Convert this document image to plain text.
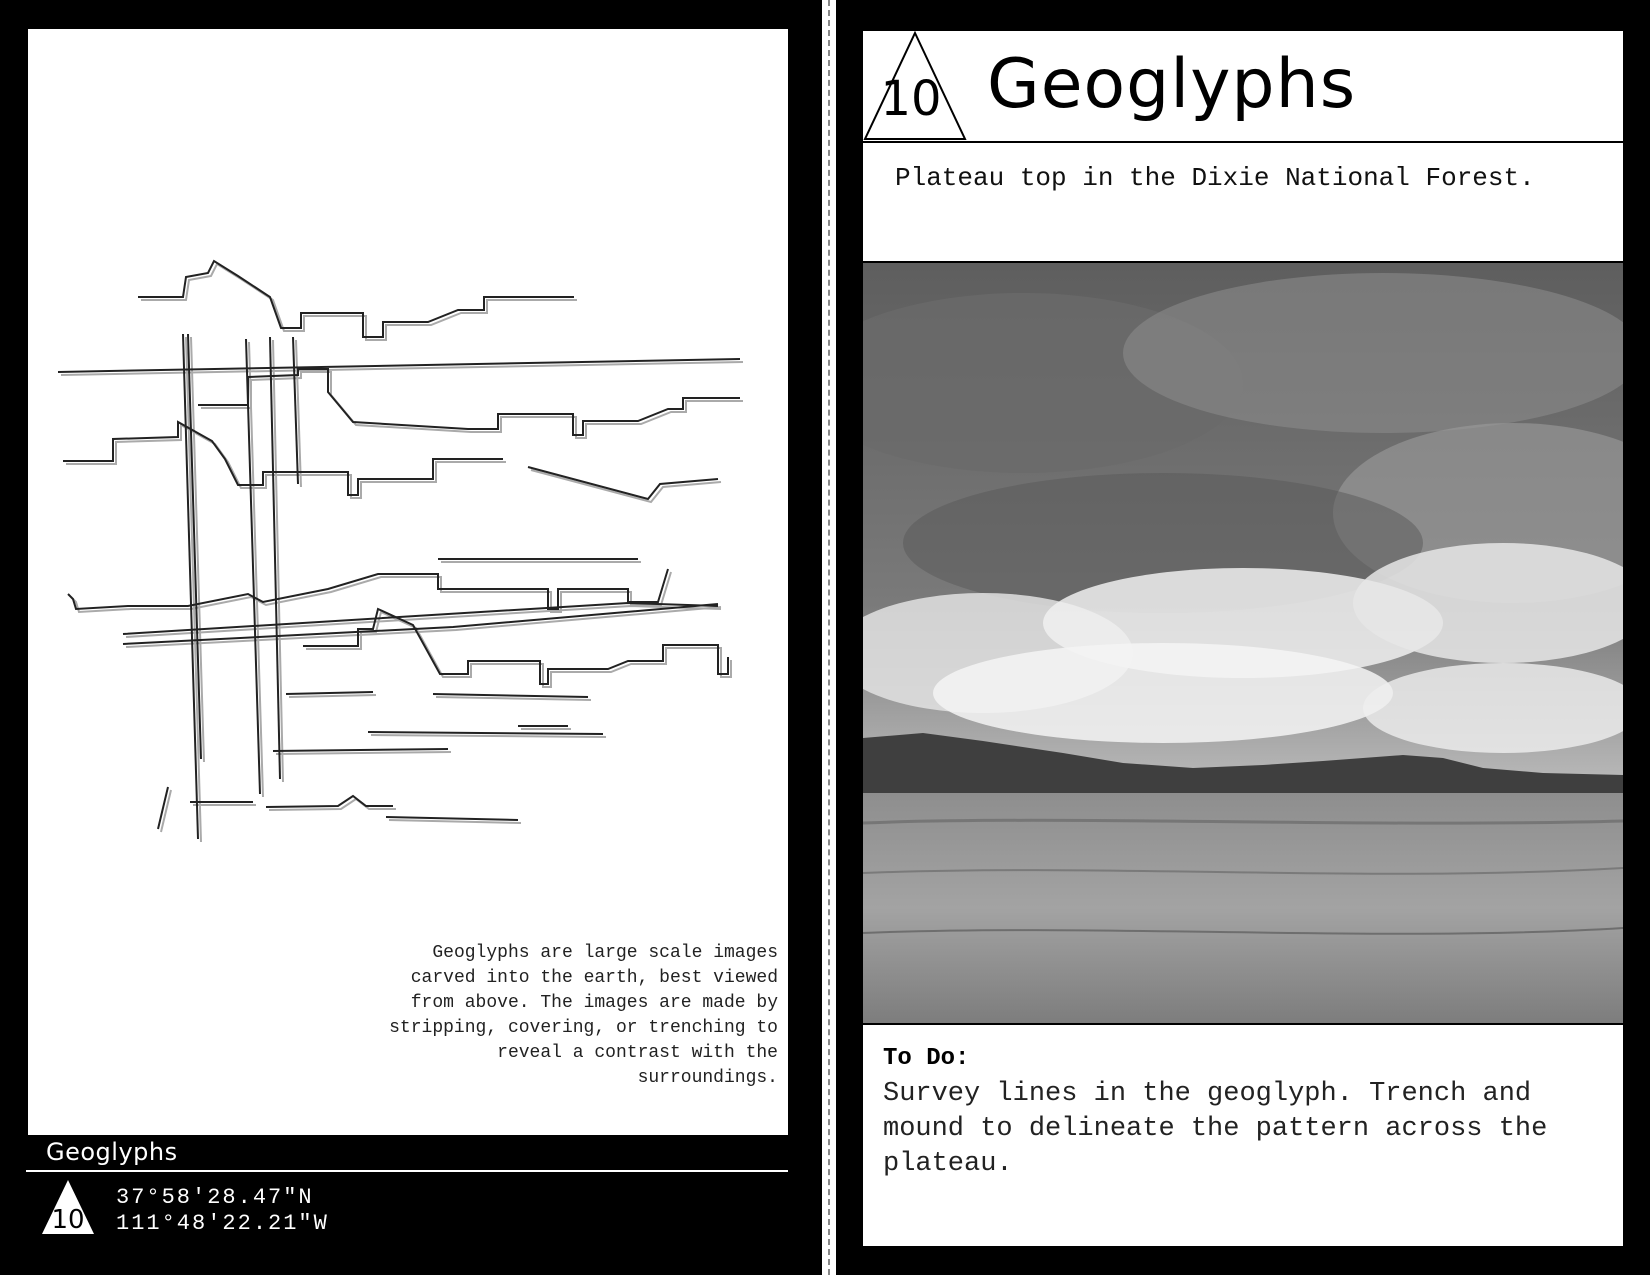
Geoglyphs are large scale images carved into the earth, best viewed from above. The images are made by stripping, covering, or trenching to reveal a contrast with the surroundings.
Geoglyphs
10
37°58'28.47"N
111°48'22.21"W
10 Geoglyphs
Plateau top in the Dixie National Forest.
To Do:
Survey lines in the geoglyph. Trench and mound to delineate the pattern across the plateau.
